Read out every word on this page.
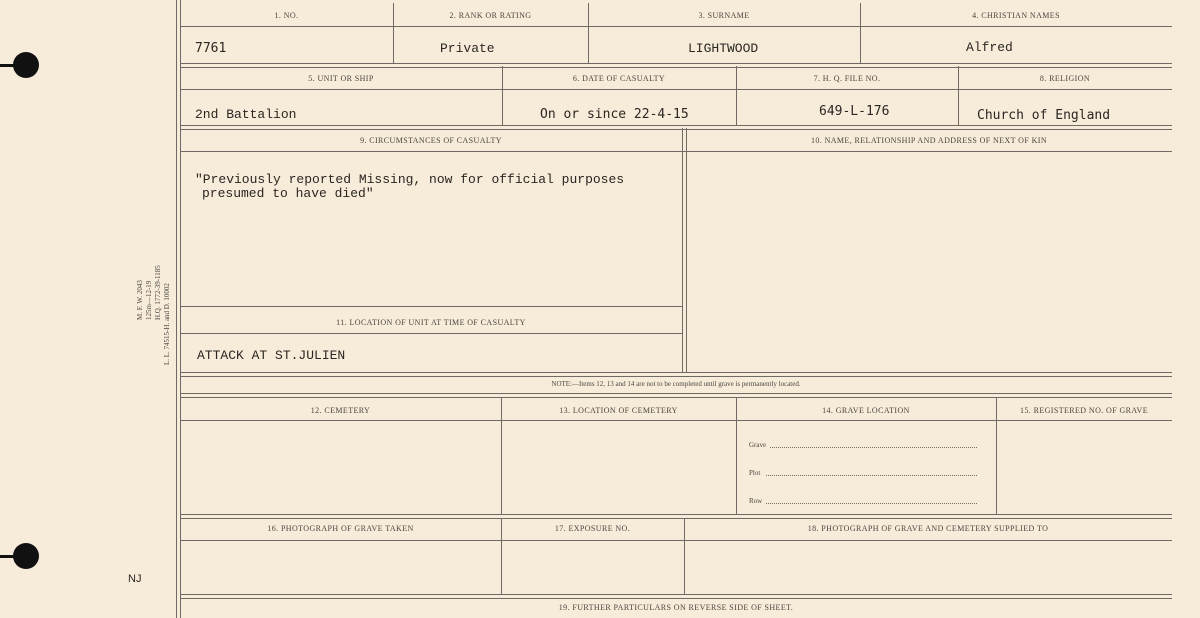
M. F. W. 2043 125m—12-19 H.Q. 1772-39-1185 L. L. 74515-H. and D. 10002
NJ
1. NO.	2. RANK OR RATING	3. SURNAME	4. CHRISTIAN NAMES
7761	Private	LIGHTWOOD	Alfred
5. UNIT OR SHIP	6. DATE OF CASUALTY	7. H. Q. FILE NO.	8. RELIGION
2nd Battalion	On or since 22-4-15	649-L-176	Church of England
9. CIRCUMSTANCES OF CASUALTY	10. NAME, RELATIONSHIP AND ADDRESS OF NEXT OF KIN
"Previously reported Missing, now for official purposes
presumed to have died"
11. LOCATION OF UNIT AT TIME OF CASUALTY
ATTACK AT ST.JULIEN
NOTE:—Items 12, 13 and 14 are not to be completed until grave is permanently located.
12. CEMETERY	13. LOCATION OF CEMETERY	14. GRAVE LOCATION	15. REGISTERED NO. OF GRAVE
Grave
Plot
Row
16. PHOTOGRAPH OF GRAVE TAKEN	17. EXPOSURE NO.	18. PHOTOGRAPH OF GRAVE AND CEMETERY SUPPLIED TO
19. FURTHER PARTICULARS ON REVERSE SIDE OF SHEET.
